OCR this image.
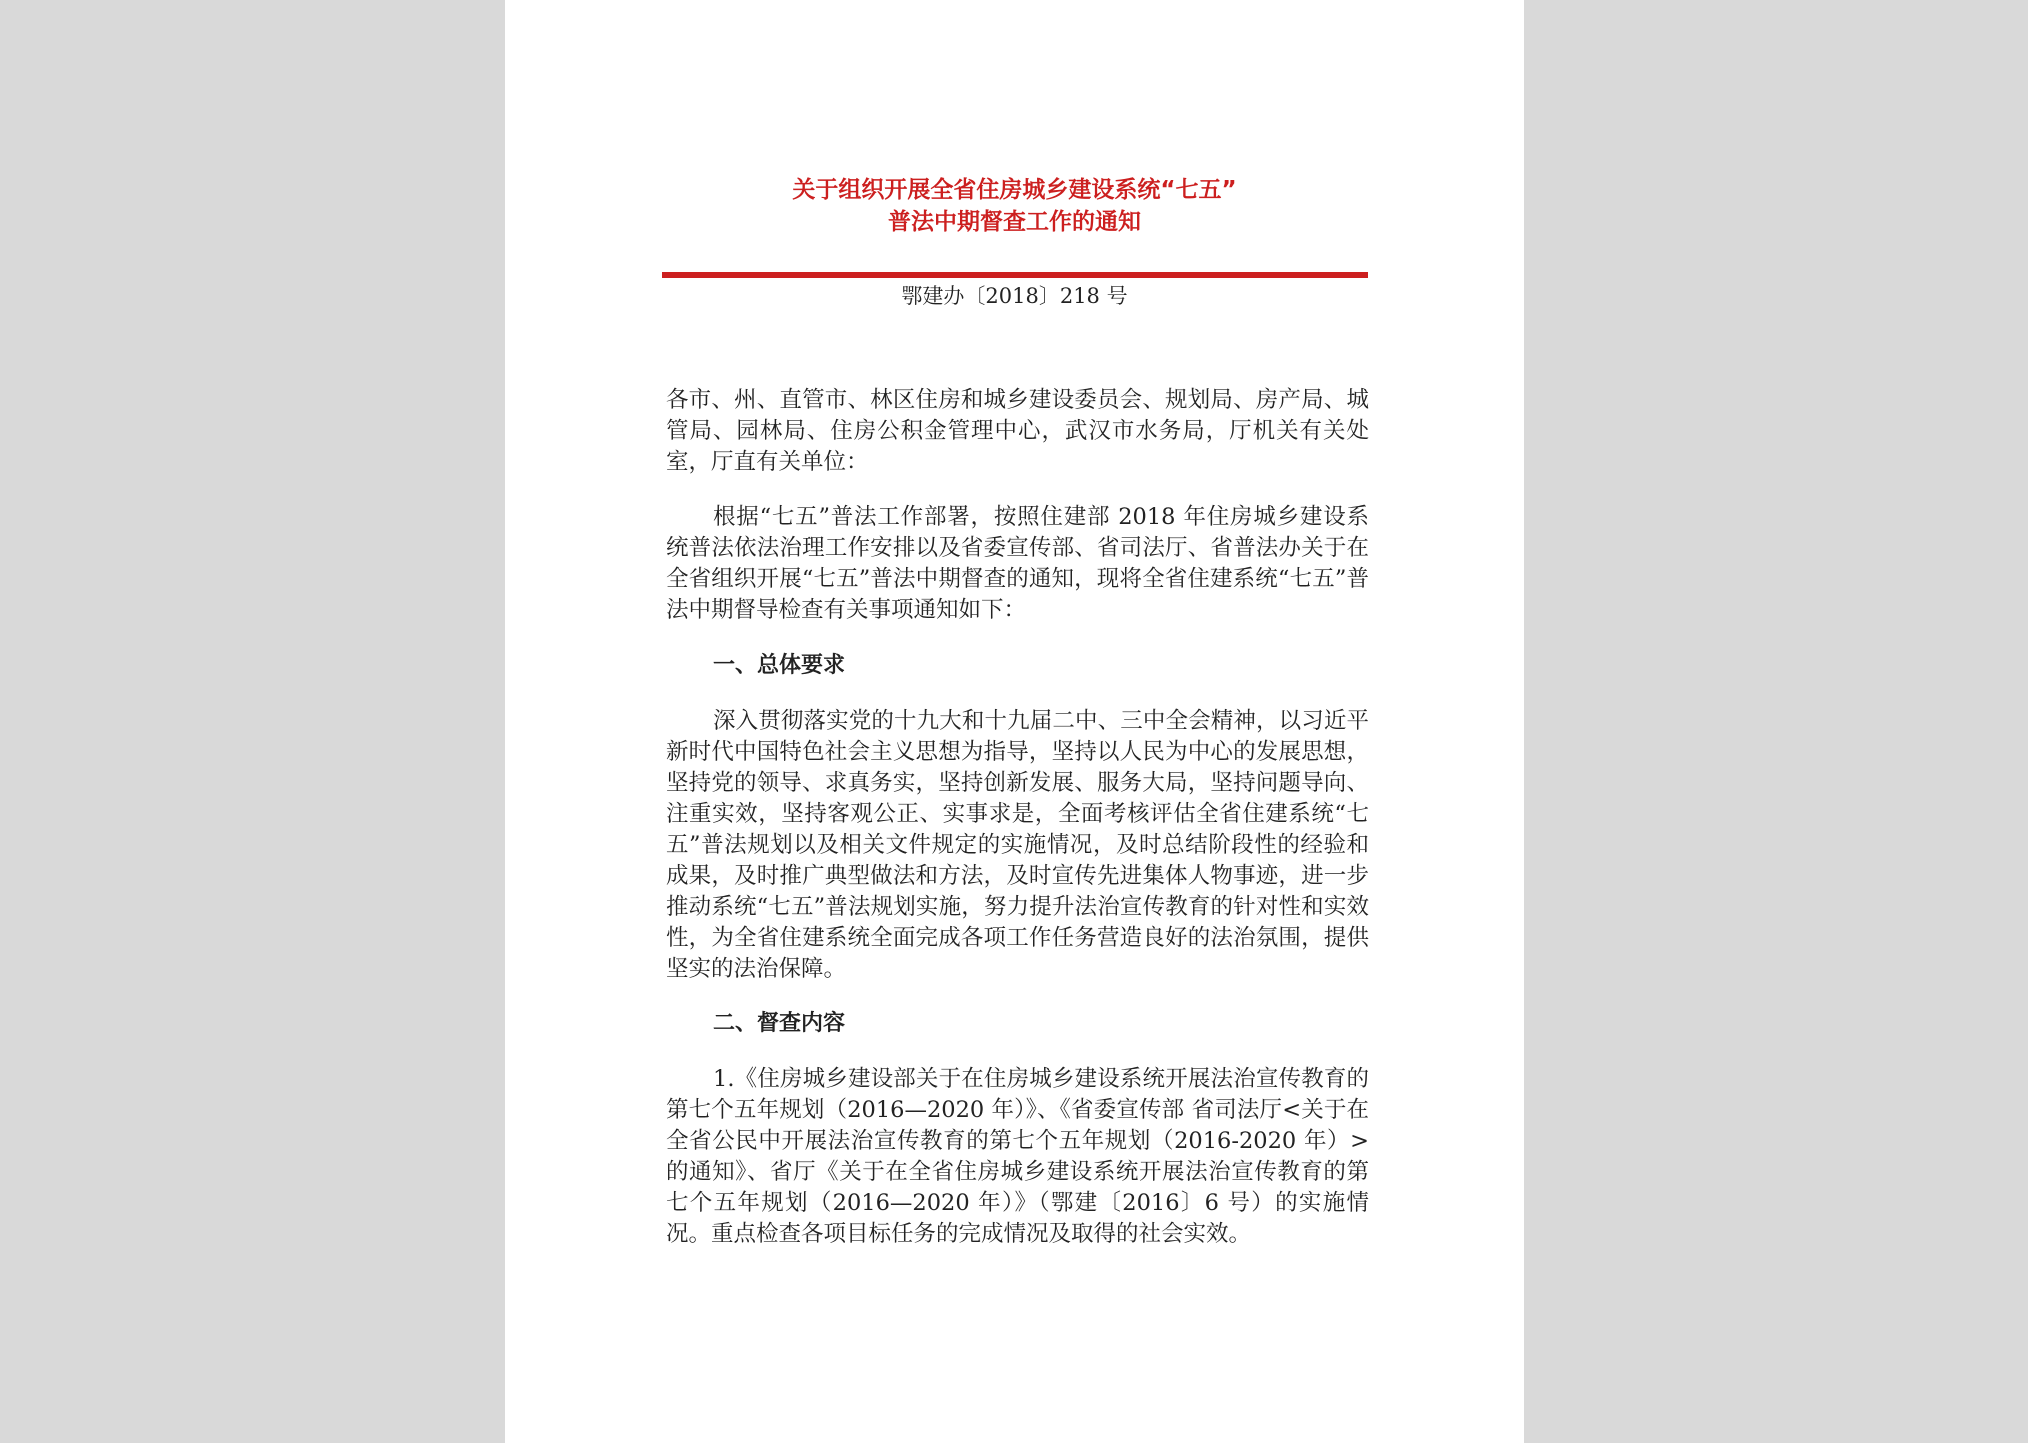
关于组织开展全省住房城乡建设系统“七五”
普法中期督查工作的通知
鄂建办〔2018〕218 号

各市、州、直管市、林区住房和城乡建设委员会、规划局、房产局、城管局、园林局、住房公积金管理中心，武汉市水务局，厅机关有关处室，厅直有关单位：

根据“七五”普法工作部署，按照住建部 2018 年住房城乡建设系统普法依法治理工作安排以及省委宣传部、省司法厅、省普法办关于在全省组织开展“七五”普法中期督查的通知，现将全省住建系统“七五”普法中期督导检查有关事项通知如下：

一、总体要求

深入贯彻落实党的十九大和十九届二中、三中全会精神，以习近平新时代中国特色社会主义思想为指导，坚持以人民为中心的发展思想，坚持党的领导、求真务实，坚持创新发展、服务大局，坚持问题导向、注重实效，坚持客观公正、实事求是，全面考核评估全省住建系统“七五”普法规划以及相关文件规定的实施情况，及时总结阶段性的经验和成果，及时推广典型做法和方法，及时宣传先进集体人物事迹，进一步推动系统“七五”普法规划实施，努力提升法治宣传教育的针对性和实效性，为全省住建系统全面完成各项工作任务营造良好的法治氛围，提供坚实的法治保障。

二、督查内容

1.《住房城乡建设部关于在住房城乡建设系统开展法治宣传教育的第七个五年规划（2016—2020 年）》、《省委宣传部 省司法厅<关于在全省公民中开展法治宣传教育的第七个五年规划（2016-2020 年）>的通知》、省厅《关于在全省住房城乡建设系统开展法治宣传教育的第七个五年规划（2016—2020 年）》（鄂建〔2016〕6 号）的实施情况。重点检查各项目标任务的完成情况及取得的社会实效。
